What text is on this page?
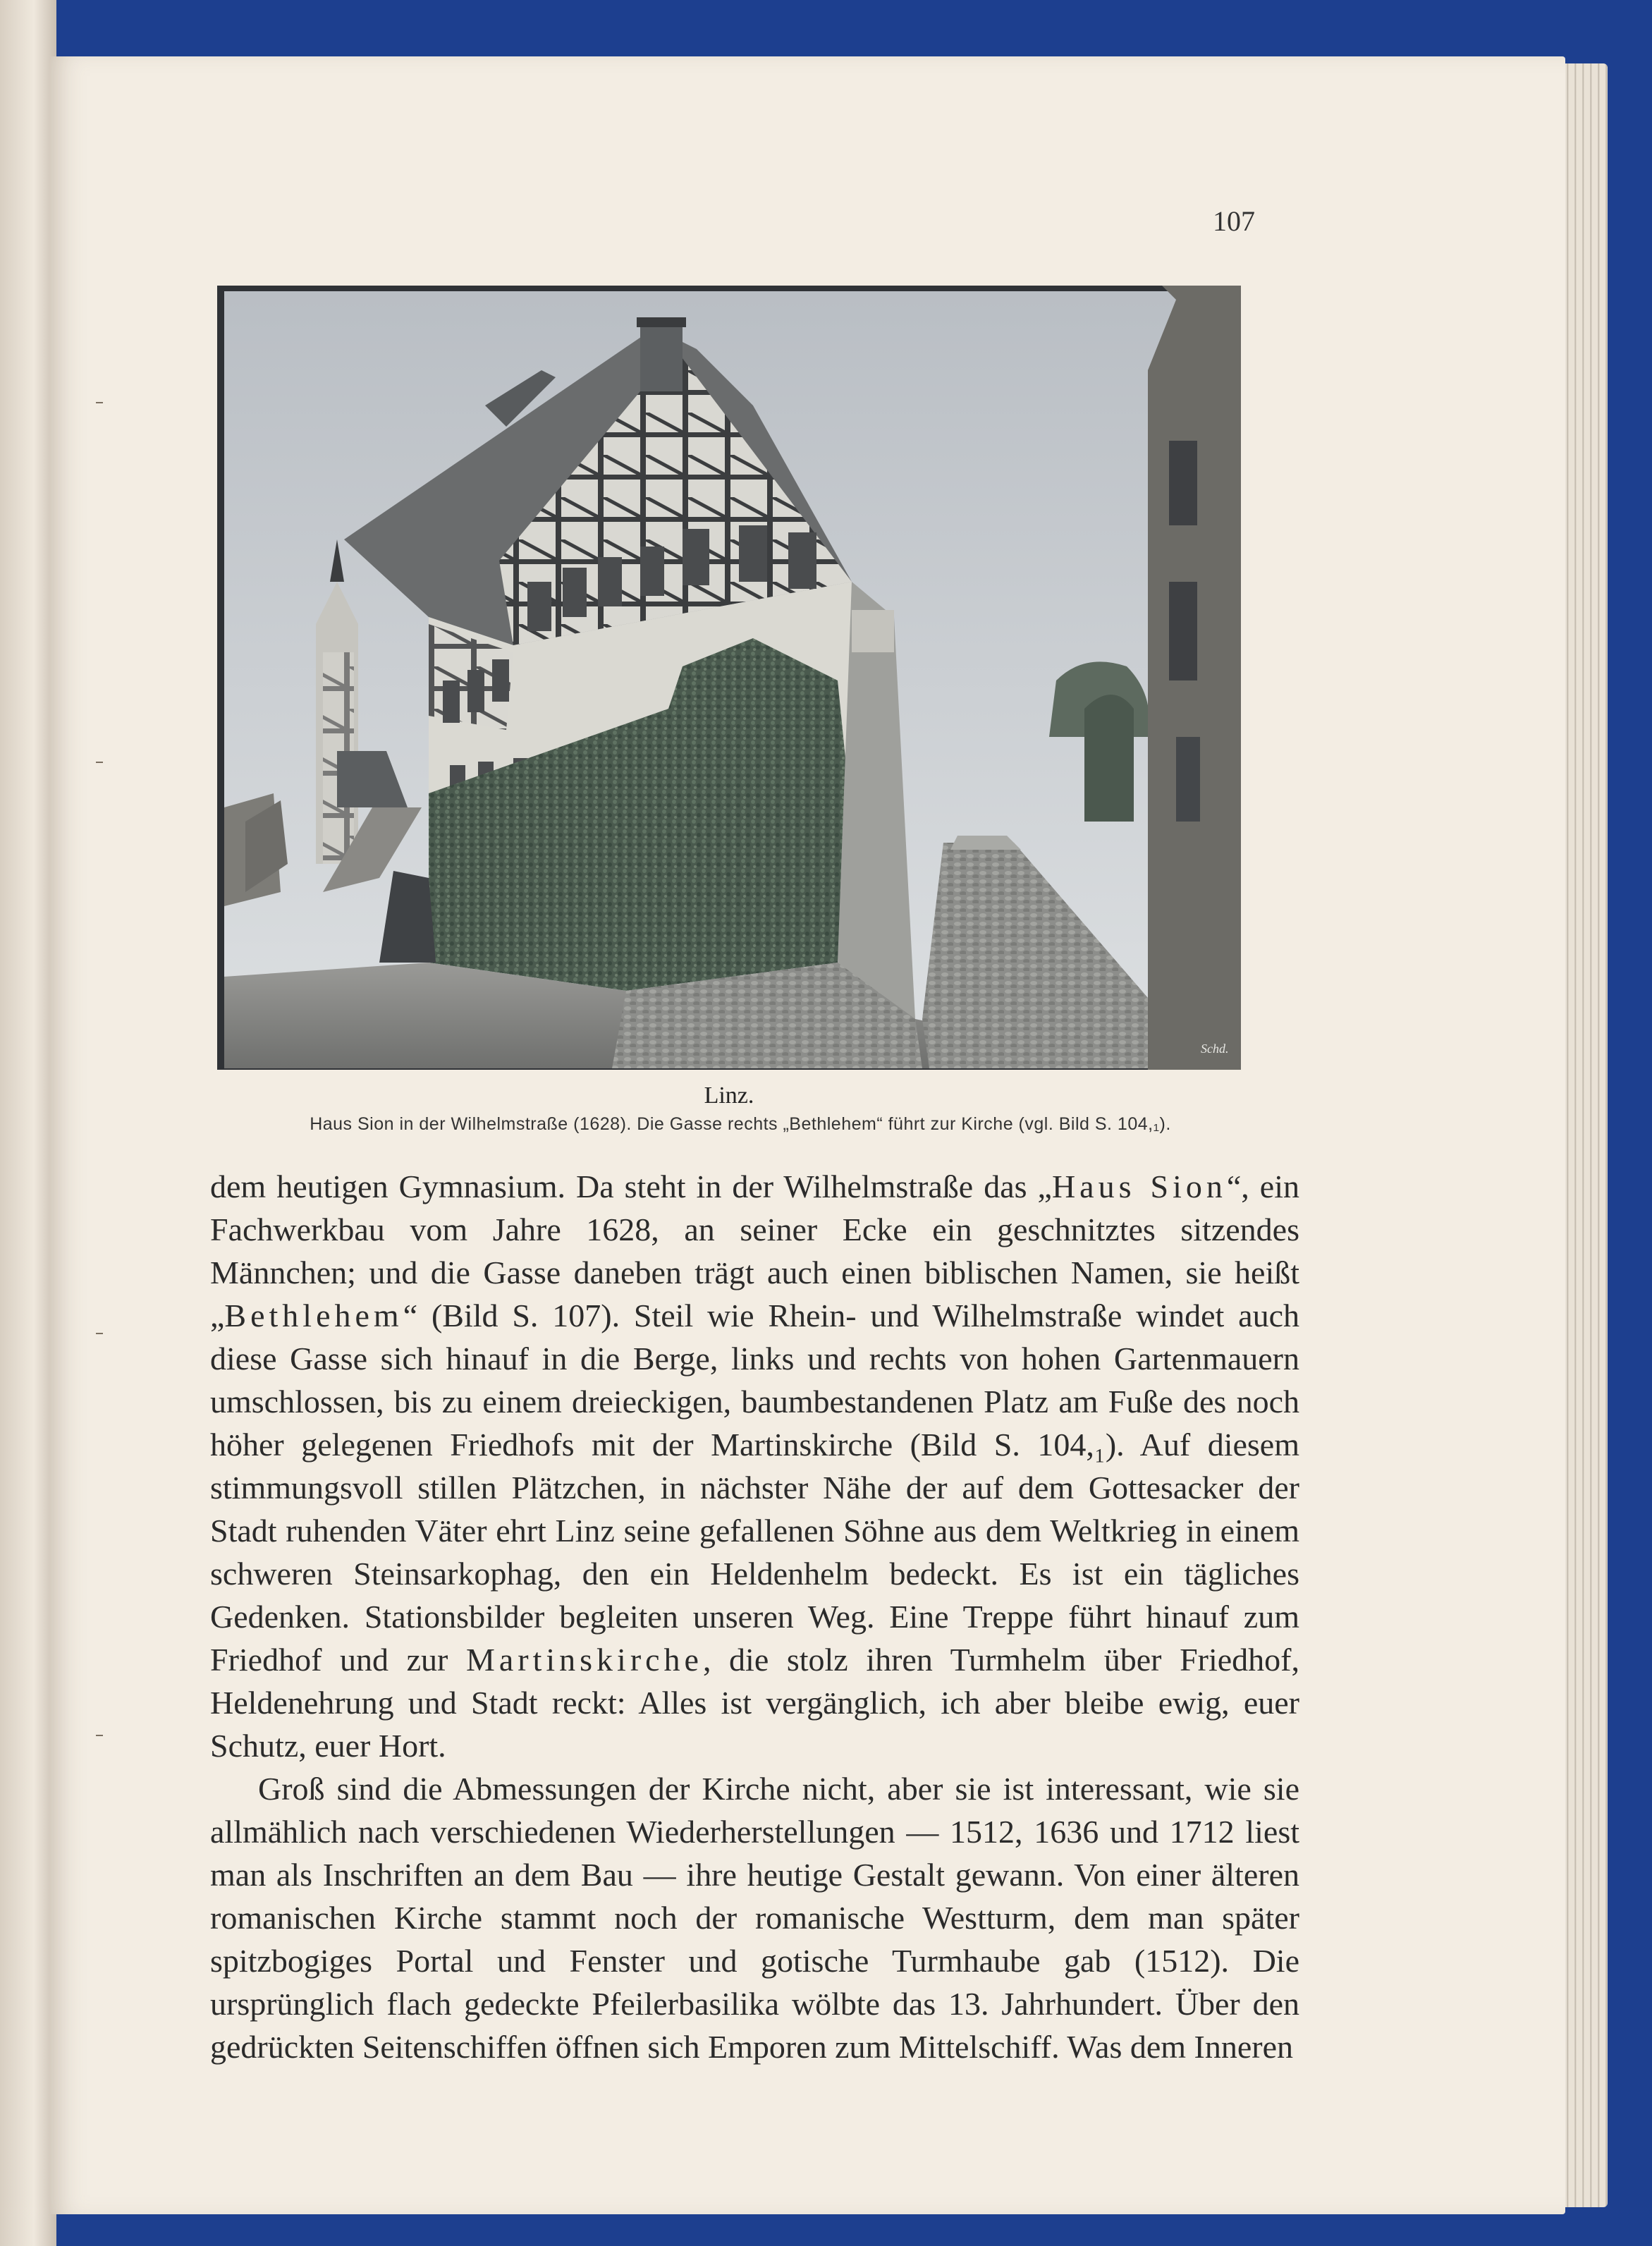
107
Schd.
Linz.
Haus Sion in der Wilhelmstraße (1628). Die Gasse rechts „Bethlehem“ führt zur Kirche (vgl. Bild S. 104,₁).

dem heutigen Gymnasium. Da steht in der Wilhelmstraße das „Haus Sion“, ein Fachwerkbau vom Jahre 1628, an seiner Ecke ein geschnitztes sitzendes Männchen; und die Gasse daneben trägt auch einen biblischen Namen, sie heißt „Bethlehem“ (Bild S. 107). Steil wie Rhein- und Wilhelmstraße windet auch diese Gasse sich hinauf in die Berge, links und rechts von hohen Gartenmauern umschlossen, bis zu einem dreieckigen, baumbestandenen Platz am Fuße des noch höher gelegenen Friedhofs mit der Martinskirche (Bild S. 104,₁). Auf diesem stimmungsvoll stillen Plätzchen, in nächster Nähe der auf dem Gottesacker der Stadt ruhenden Väter ehrt Linz seine gefallenen Söhne aus dem Weltkrieg in einem schweren Steinsarkophag, den ein Heldenhelm bedeckt. Es ist ein tägliches Gedenken. Stationsbilder begleiten unseren Weg. Eine Treppe führt hinauf zum Friedhof und zur Martinskirche, die stolz ihren Turmhelm über Friedhof, Heldenehrung und Stadt reckt: Alles ist vergänglich, ich aber bleibe ewig, euer Schutz, euer Hort.

Groß sind die Abmessungen der Kirche nicht, aber sie ist interessant, wie sie allmählich nach verschiedenen Wiederherstellungen — 1512, 1636 und 1712 liest man als Inschriften an dem Bau — ihre heutige Gestalt gewann. Von einer älteren romanischen Kirche stammt noch der romanische Westturm, dem man später spitzbogiges Portal und Fenster und gotische Turmhaube gab (1512). Die ursprünglich flach gedeckte Pfeilerbasilika wölbte das 13. Jahrhundert. Über den gedrückten Seitenschiffen öffnen sich Emporen zum Mittelschiff. Was dem Inneren
